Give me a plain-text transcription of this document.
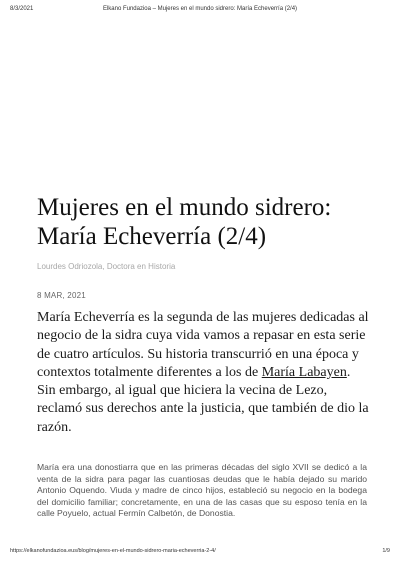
8/3/2021	Elkano Fundazioa – Mujeres en el mundo sidrero: María Echeverría (2/4)
Mujeres en el mundo sidrero: María Echeverría (2/4)

Lourdes Odriozola, Doctora en Historia

8 MAR, 2021

María Echeverría es la segunda de las mujeres dedicadas al negocio de la sidra cuya vida vamos a repasar en esta serie de cuatro artículos. Su historia transcurrió en una época y contextos totalmente diferentes a los de María Labayen. Sin embargo, al igual que hiciera la vecina de Lezo, reclamó sus derechos ante la justicia, que también de dio la razón.

María era una donostiarra que en las primeras décadas del siglo XVII se dedicó a la venta de la sidra para pagar las cuantiosas deudas que le había dejado su marido Antonio Oquendo. Viuda y madre de cinco hijos, estableció su negocio en la bodega del domicilio familiar; concretamente, en una de las casas que su esposo tenía en la calle Poyuelo, actual Fermín Calbetón, de Donostia.

https://elkanofundazioa.eus/blog/mujeres-en-el-mundo-sidrero-maria-echeverria-2-4/	1/9
